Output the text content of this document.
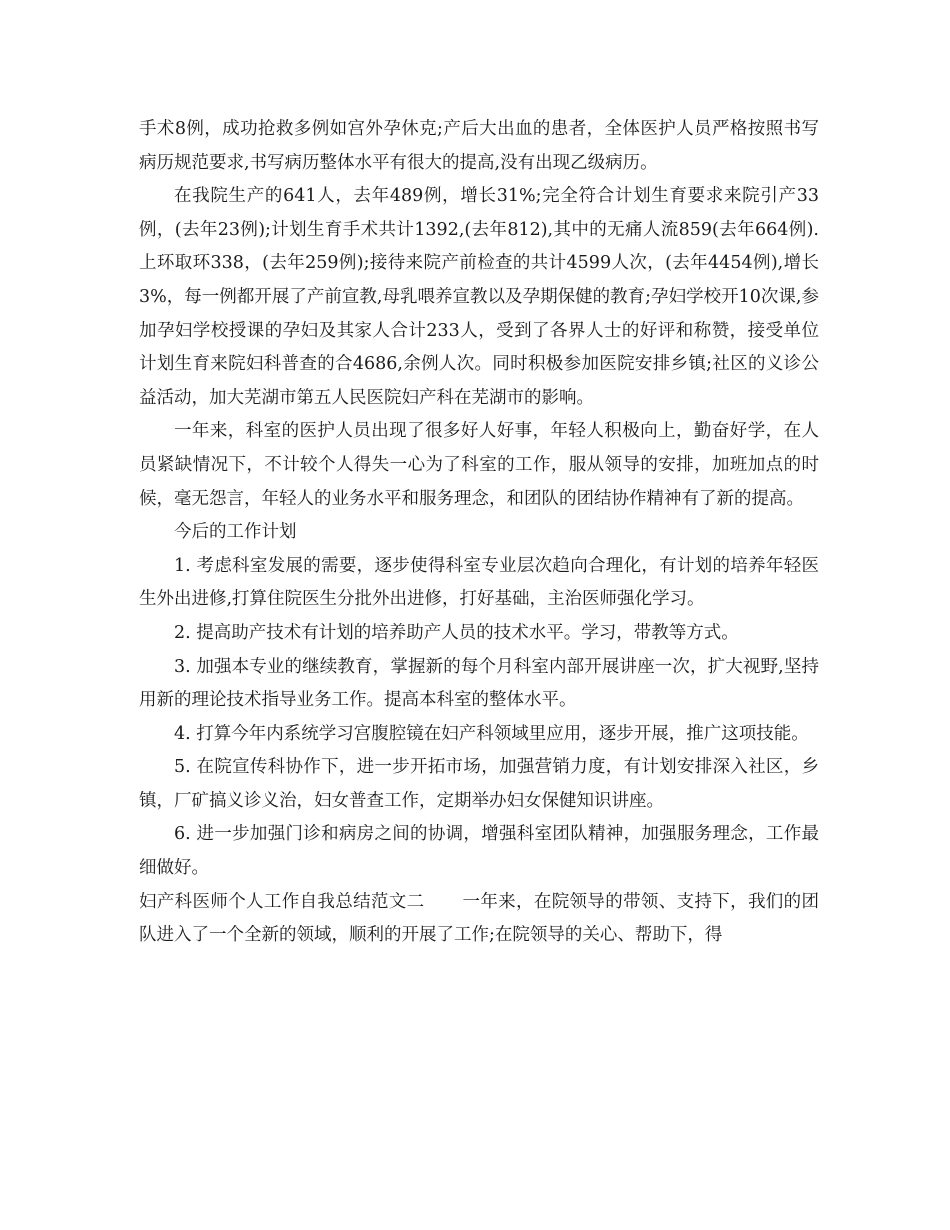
手术8例，成功抢救多例如宫外孕休克;产后大出血的患者，全体医护人员严格按照书写病历规范要求,书写病历整体水平有很大的提高,没有出现乙级病历。

在我院生产的641人，去年489例，增长31%;完全符合计划生育要求来院引产33例，(去年23例);计划生育手术共计1392,(去年812),其中的无痛人流859(去年664例).上环取环338，(去年259例);接待来院产前检查的共计4599人次，(去年4454例),增长3%，每一例都开展了产前宣教,母乳喂养宣教以及孕期保健的教育;孕妇学校开10次课,参加孕妇学校授课的孕妇及其家人合计233人，受到了各界人士的好评和称赞，接受单位计划生育来院妇科普查的合4686,余例人次。同时积极参加医院安排乡镇;社区的义诊公益活动，加大芜湖市第五人民医院妇产科在芜湖市的影响。

一年来，科室的医护人员出现了很多好人好事，年轻人积极向上，勤奋好学，在人员紧缺情况下，不计较个人得失一心为了科室的工作，服从领导的安排，加班加点的时候，毫无怨言，年轻人的业务水平和服务理念，和团队的团结协作精神有了新的提高。

今后的工作计划

1. 考虑科室发展的需要，逐步使得科室专业层次趋向合理化，有计划的培养年轻医生外出进修,打算住院医生分批外出进修，打好基础，主治医师强化学习。

2. 提高助产技术有计划的培养助产人员的技术水平。学习，带教等方式。

3. 加强本专业的继续教育，掌握新的每个月科室内部开展讲座一次，扩大视野,坚持用新的理论技术指导业务工作。提高本科室的整体水平。

4. 打算今年内系统学习宫腹腔镜在妇产科领域里应用，逐步开展，推广这项技能。

5. 在院宣传科协作下，进一步开拓市场，加强营销力度，有计划安排深入社区，乡镇，厂矿搞义诊义治，妇女普查工作，定期举办妇女保健知识讲座。

6. 进一步加强门诊和病房之间的协调，增强科室团队精神，加强服务理念，工作最细做好。

妇产科医师个人工作自我总结范文二 一年来，在院领导的带领、支持下，我们的团队进入了一个全新的领域，顺利的开展了工作;在院领导的关心、帮助下，得
